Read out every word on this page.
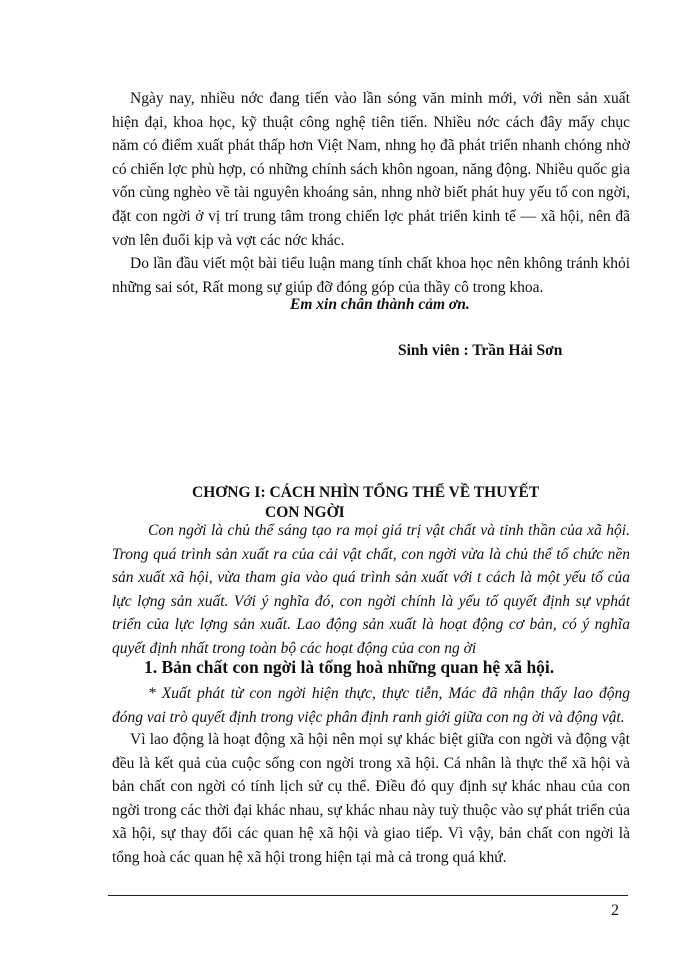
Ngày nay, nhiều nớc đang tiến vào lần sóng văn minh mới, với nền sản xuất hiện đại, khoa học, kỹ thuật công nghệ tiên tiến. Nhiều nớc cách đây mấy chục năm có điểm xuất phát thấp hơn Việt Nam, nhng họ đã phát triển nhanh chóng nhờ có chiến lợc phù hợp, có những chính sách khôn ngoan, năng động. Nhiều quốc gia vốn cùng nghèo về tài nguyên khoáng sản, nhng nhờ biết phát huy yếu tố con ngời, đặt con ngời ở vị trí trung tâm trong chiến lợc phát triển kinh tế — xã hội, nên đã vơn lên đuổi kịp và vợt các nớc khác.

Do lần đầu viết một bài tiểu luận mang tính chất khoa học nên không tránh khỏi những sai sót, Rất mong sự giúp đỡ đóng góp của thầy cô trong khoa.

Em xin chân thành cảm ơn.
Sinh viên : Trần Hải Sơn
CHƠNG I: CÁCH NHÌN TỔNG THỂ VỀ THUYẾT
CON NGỜI

Con ngời là chủ thể sáng tạo ra mọi giá trị vật chất và tinh thần của xã hội. Trong quá trình sản xuất ra của cải vật chất, con ngời vừa là chủ thể tổ chức nền sản xuất xã hội, vừa tham gia vào quá trình sản xuất với t cách là một yếu tố của lực lợng sản xuất. Với ý nghĩa đó, con ngời chính là yếu tố quyết định sự vphát triển của lực lợng sản xuất. Lao động sản xuất là hoạt động cơ bản, có ý nghĩa quyết định nhất trong toàn bộ các hoạt động của con ng ời

1. Bản chất con ngời là tổng hoà những quan hệ xã hội.

* Xuất phát từ con ngời hiện thực, thực tiễn, Mác đã nhận thấy lao động đóng vai trò quyết định trong việc phân định ranh giới giữa con ng ời và động vật.

Vì lao động là hoạt động xã hội nên mọi sự khác biệt giữa con ngời và động vật đều là kết quả của cuộc sống con ngời trong xã hội. Cá nhân là thực thể xã hội và bản chất con ngời có tính lịch sử cụ thể. Điều đó quy định sự khác nhau của con ngời trong các thời đại khác nhau, sự khác nhau này tuỳ thuộc vào sự phát triển của xã hội, sự thay đổi các quan hệ xã hội và giao tiếp. Vì vậy, bản chất con ngời là tổng hoà các quan hệ xã hội trong hiện tại mà cả trong quá khứ.

2
